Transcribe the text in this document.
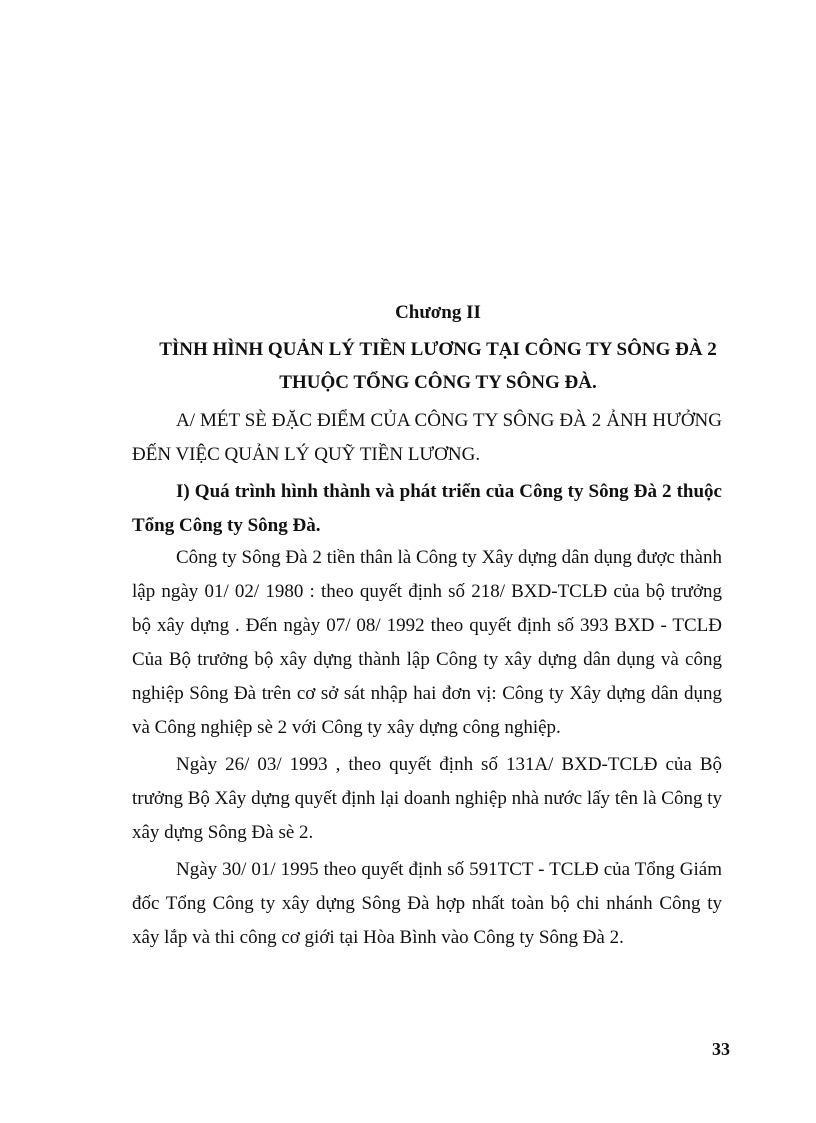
Chương II
TÌNH HÌNH QUẢN LÝ TIỀN LƯƠNG TẠI CÔNG TY SÔNG ĐÀ 2
THUỘC TỔNG CÔNG TY SÔNG ĐÀ.
A/ MÉT SÈ ĐẶC ĐIỂM CỦA CÔNG TY SÔNG ĐÀ 2 ẢNH HƯỞNG ĐẾN VIỆC QUẢN LÝ QUỸ TIỀN LƯƠNG.
I) Quá trình hình thành và phát triển của Công ty Sông Đà 2 thuộc Tổng Công ty Sông Đà.
Công ty Sông Đà 2 tiền thân là Công ty Xây dựng dân dụng được thành lập ngày 01/ 02/ 1980 : theo quyết định số 218/ BXD-TCLĐ của bộ trưởng bộ xây dựng . Đến ngày 07/ 08/ 1992 theo quyết định số 393 BXD - TCLĐ Của Bộ trưởng bộ xây dựng thành lập Công ty xây dựng dân dụng và công nghiệp Sông Đà trên cơ sở sát nhập hai đơn vị: Công ty Xây dựng dân dụng và Công nghiệp sè 2 với Công ty xây dựng công nghiệp.
Ngày 26/ 03/ 1993 , theo quyết định số 131A/ BXD-TCLĐ của Bộ trưởng Bộ Xây dựng quyết định lại doanh nghiệp nhà nước lấy tên là Công ty xây dựng Sông Đà sè 2.
Ngày 30/ 01/ 1995 theo quyết định số 591TCT - TCLĐ của Tổng Giám đốc Tổng Công ty xây dựng Sông Đà hợp nhất toàn bộ chi nhánh Công ty xây lắp và thi công cơ giới tại Hòa Bình vào Công ty Sông Đà 2.
33
